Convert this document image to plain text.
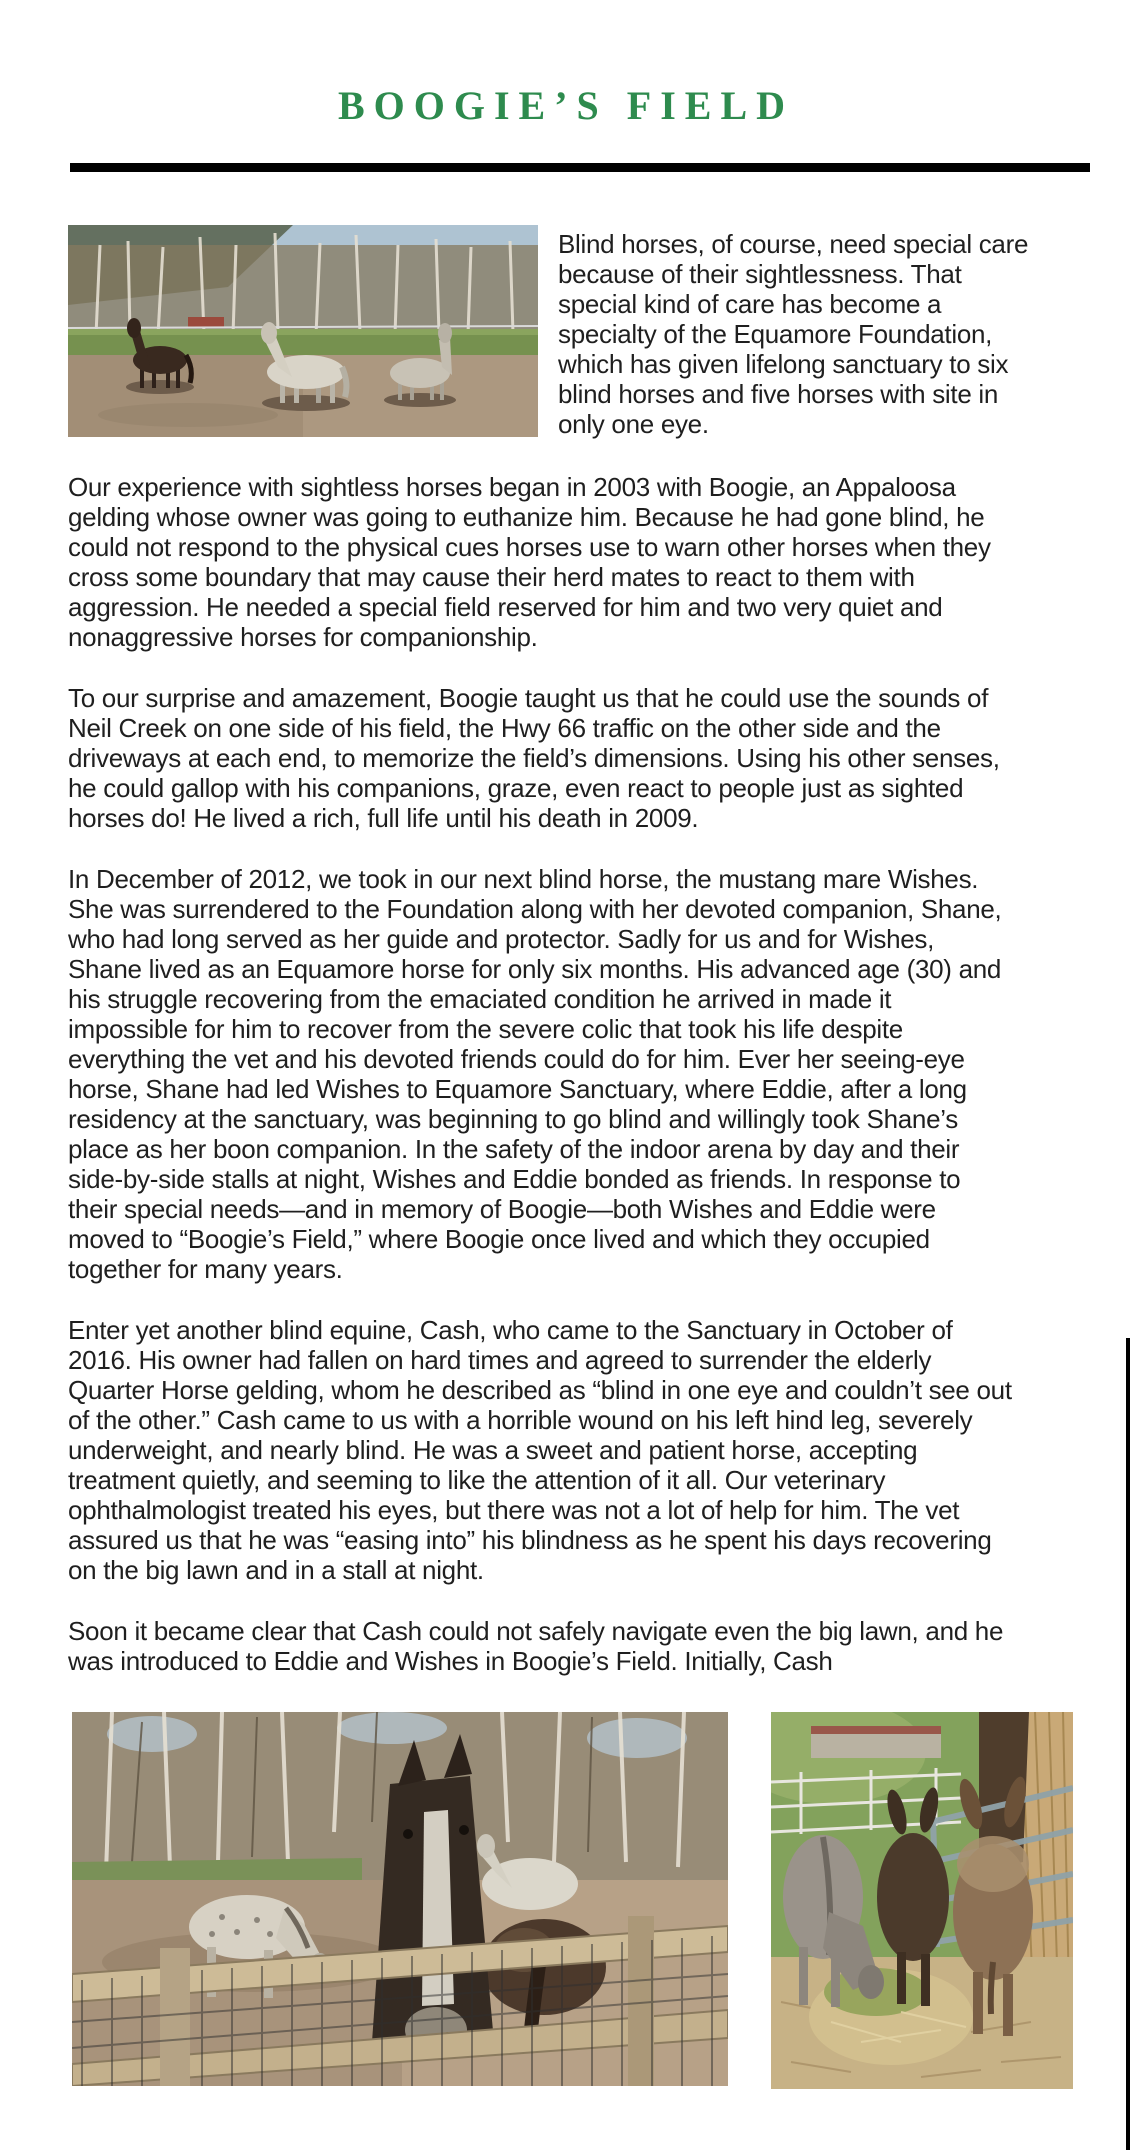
BOOGIE’S FIELD

Blind horses, of course, need special care because of their sightlessness. That special kind of care has become a specialty of the Equamore Foundation, which has given lifelong sanctuary to six blind horses and five horses with site in only one eye.

Our experience with sightless horses began in 2003 with Boogie, an Appaloosa gelding whose owner was going to euthanize him. Because he had gone blind, he could not respond to the physical cues horses use to warn other horses when they cross some boundary that may cause their herd mates to react to them with aggression. He needed a special field reserved for him and two very quiet and nonaggressive horses for companionship.

To our surprise and amazement, Boogie taught us that he could use the sounds of Neil Creek on one side of his field, the Hwy 66 traffic on the other side and the driveways at each end, to memorize the field’s dimensions. Using his other senses, he could gallop with his companions, graze, even react to people just as sighted horses do! He lived a rich, full life until his death in 2009.

In December of 2012, we took in our next blind horse, the mustang mare Wishes. She was surrendered to the Foundation along with her devoted companion, Shane, who had long served as her guide and protector. Sadly for us and for Wishes, Shane lived as an Equamore horse for only six months. His advanced age (30) and his struggle recovering from the emaciated condition he arrived in made it impossible for him to recover from the severe colic that took his life despite everything the vet and his devoted friends could do for him. Ever her seeing-eye horse, Shane had led Wishes to Equamore Sanctuary, where Eddie, after a long residency at the sanctuary, was beginning to go blind and willingly took Shane’s place as her boon companion. In the safety of the indoor arena by day and their side-by-side stalls at night, Wishes and Eddie bonded as friends. In response to their special needs—and in memory of Boogie—both Wishes and Eddie were moved to “Boogie’s Field,” where Boogie once lived and which they occupied together for many years.

Enter yet another blind equine, Cash, who came to the Sanctuary in October of 2016. His owner had fallen on hard times and agreed to surrender the elderly Quarter Horse gelding, whom he described as “blind in one eye and couldn’t see out of the other.” Cash came to us with a horrible wound on his left hind leg, severely underweight, and nearly blind. He was a sweet and patient horse, accepting treatment quietly, and seeming to like the attention of it all. Our veterinary ophthalmologist treated his eyes, but there was not a lot of help for him. The vet assured us that he was “easing into” his blindness as he spent his days recovering on the big lawn and in a stall at night.

Soon it became clear that Cash could not safely navigate even the big lawn, and he was introduced to Eddie and Wishes in Boogie’s Field. Initially, Cash
